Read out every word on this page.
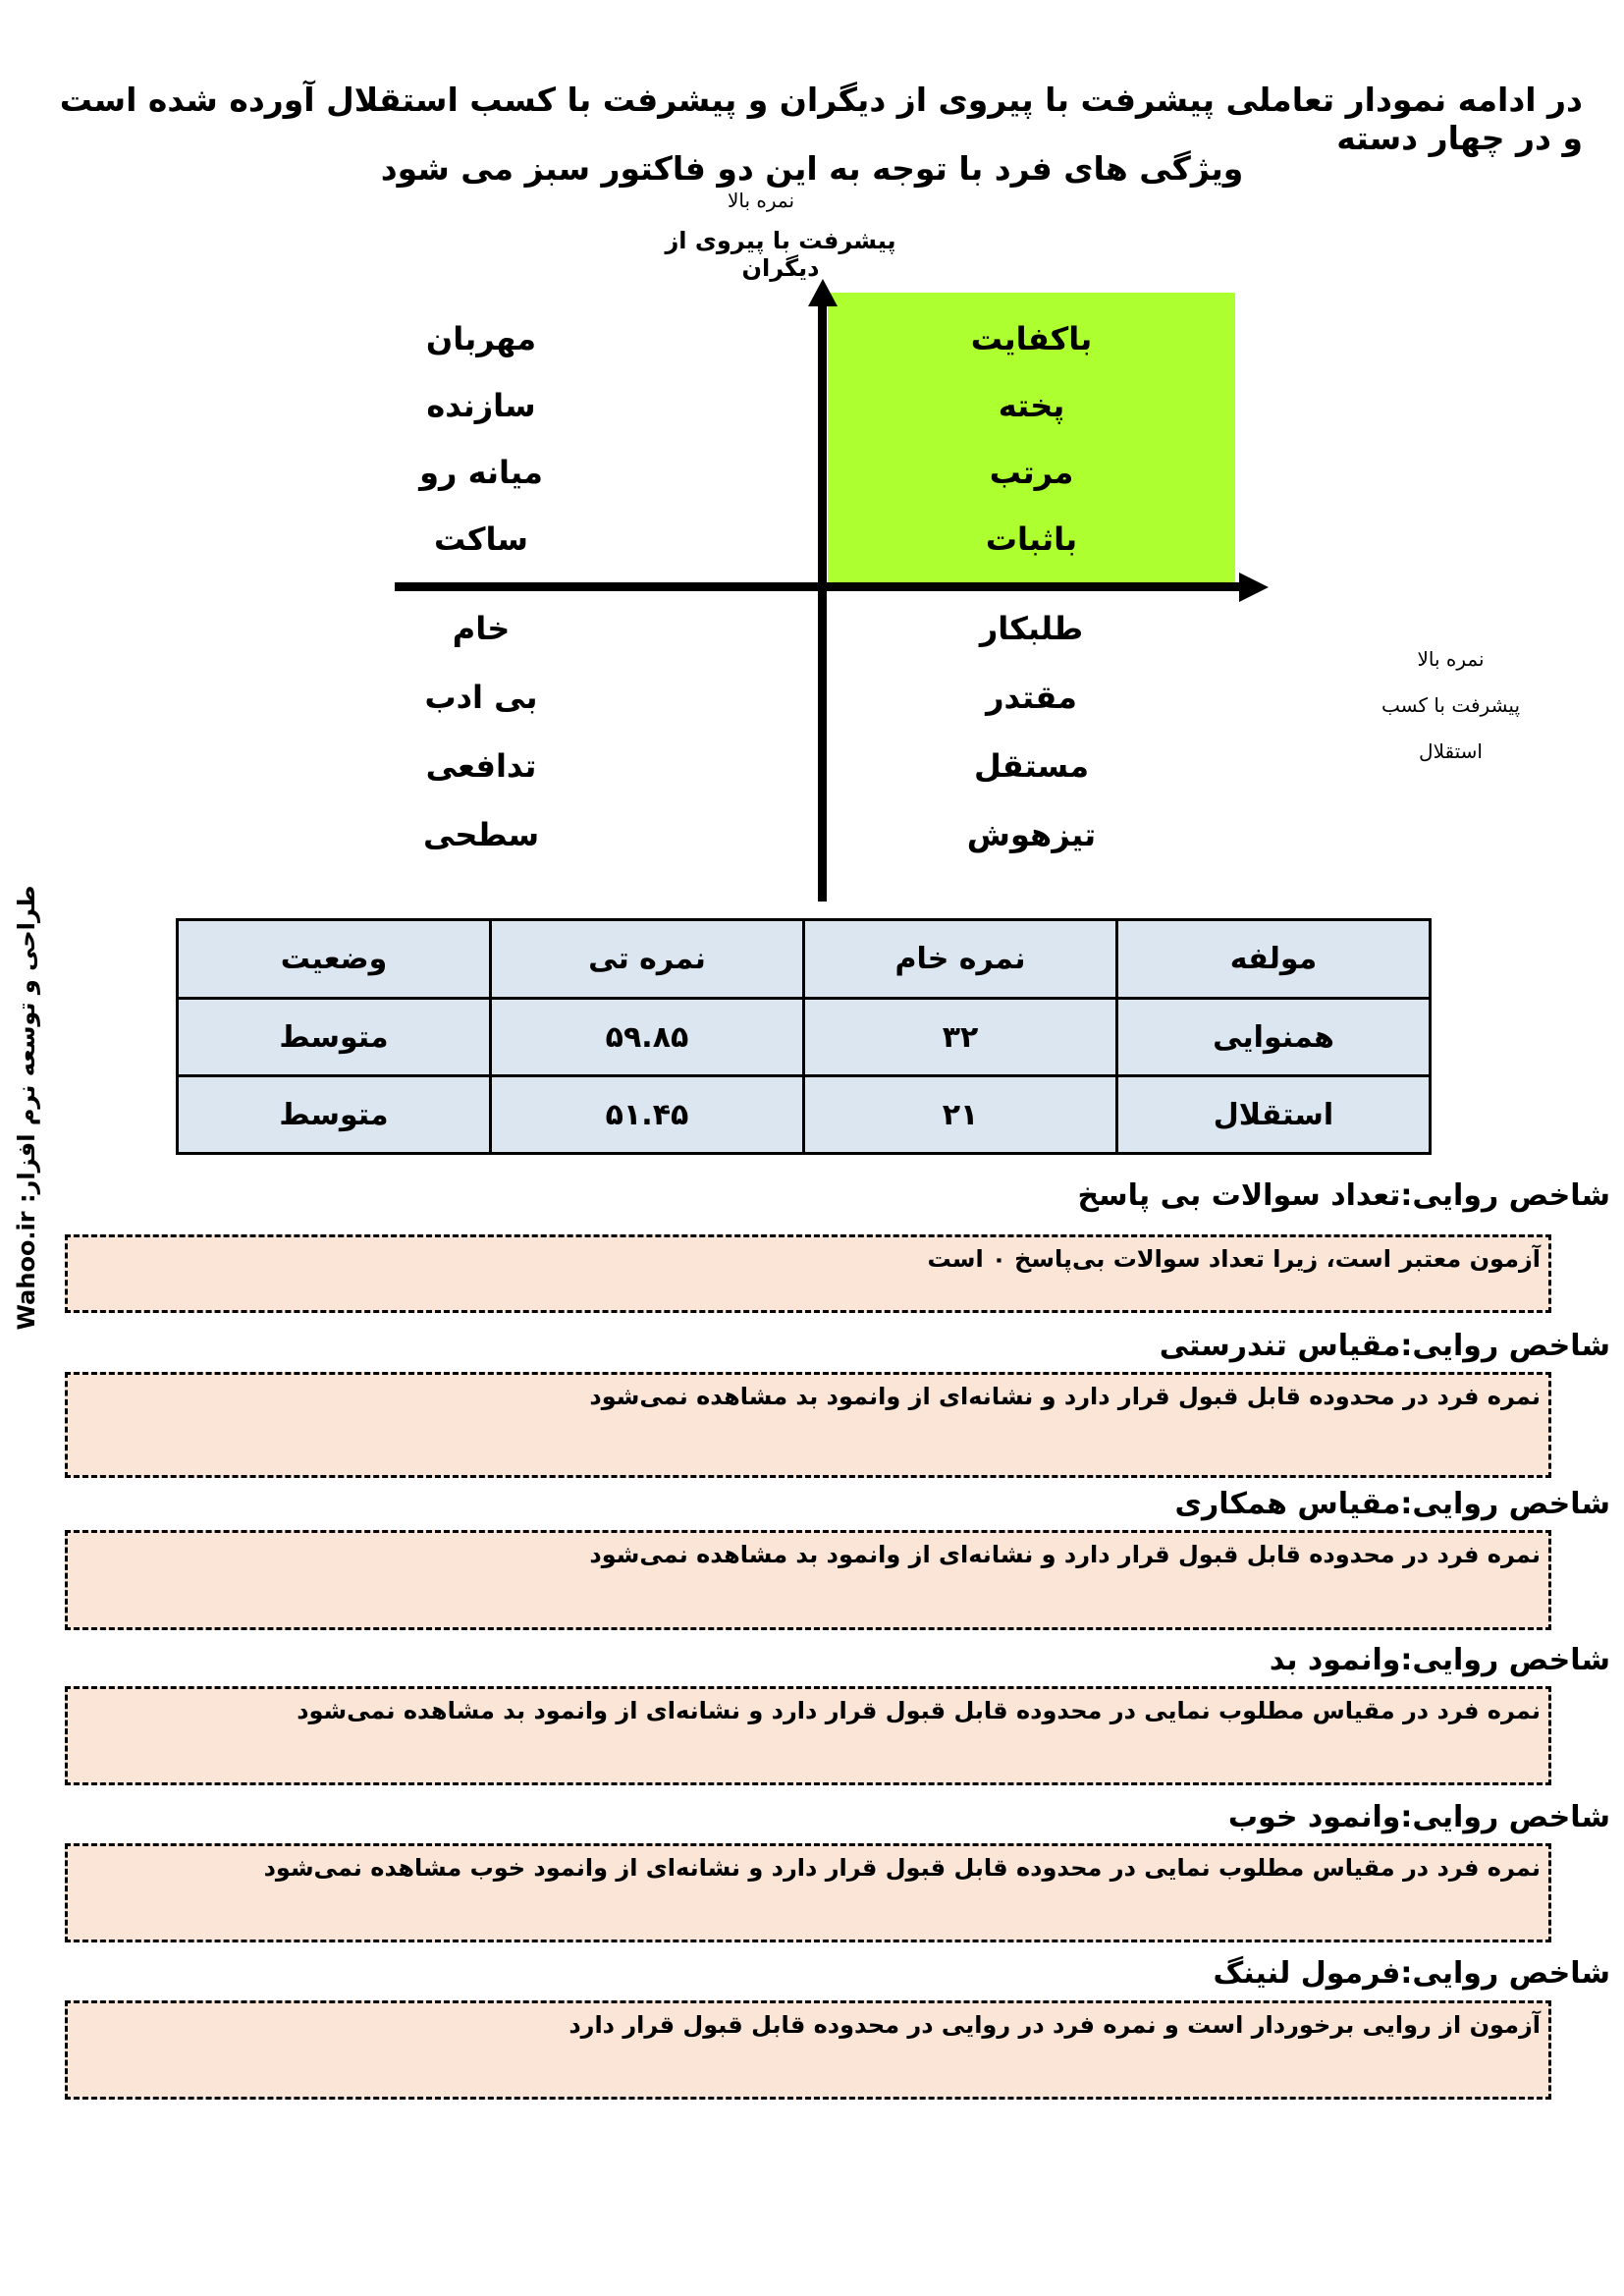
طراحی و توسعه نرم افزار: Wahoo.ir
در ادامه نمودار تعاملی پیشرفت با پیروی از دیگران و پیشرفت با کسب استقلال آورده شده است و در چهار دسته
ویژگی های فرد با توجه به این دو فاکتور سبز می شود
نمره بالا
پیشرفت با پیروی از دیگران
مهربان
سازنده
میانه رو
ساکت
باکفایت
پخته
مرتب
باثبات
خام
بی ادب
تدافعی
سطحی
طلبکار
مقتدر
مستقل
تیزهوش
نمره بالا
پیشرفت با کسب
استقلال
مولفه	نمره خام	نمره تی	وضعیت
همنوایی	۳۲	۵۹.۸۵	متوسط
استقلال	۲۱	۵۱.۴۵	متوسط
شاخص روایی:تعداد سوالات بی پاسخ
آزمون معتبر است، زیرا تعداد سوالات بی‌پاسخ ۰ است
شاخص روایی:مقیاس تندرستی
نمره فرد در محدوده قابل قبول قرار دارد و نشانه‌ای از وانمود بد مشاهده نمی‌شود
شاخص روایی:مقیاس همکاری
نمره فرد در محدوده قابل قبول قرار دارد و نشانه‌ای از وانمود بد مشاهده نمی‌شود
شاخص روایی:وانمود بد
نمره فرد در مقیاس مطلوب نمایی در محدوده قابل قبول قرار دارد و نشانه‌ای از وانمود بد مشاهده نمی‌شود
شاخص روایی:وانمود خوب
نمره فرد در مقیاس مطلوب نمایی در محدوده قابل قبول قرار دارد و نشانه‌ای از وانمود خوب مشاهده نمی‌شود
شاخص روایی:فرمول لنینگ
آزمون از روایی برخوردار است و نمره فرد در روایی در محدوده قابل قبول قرار دارد
